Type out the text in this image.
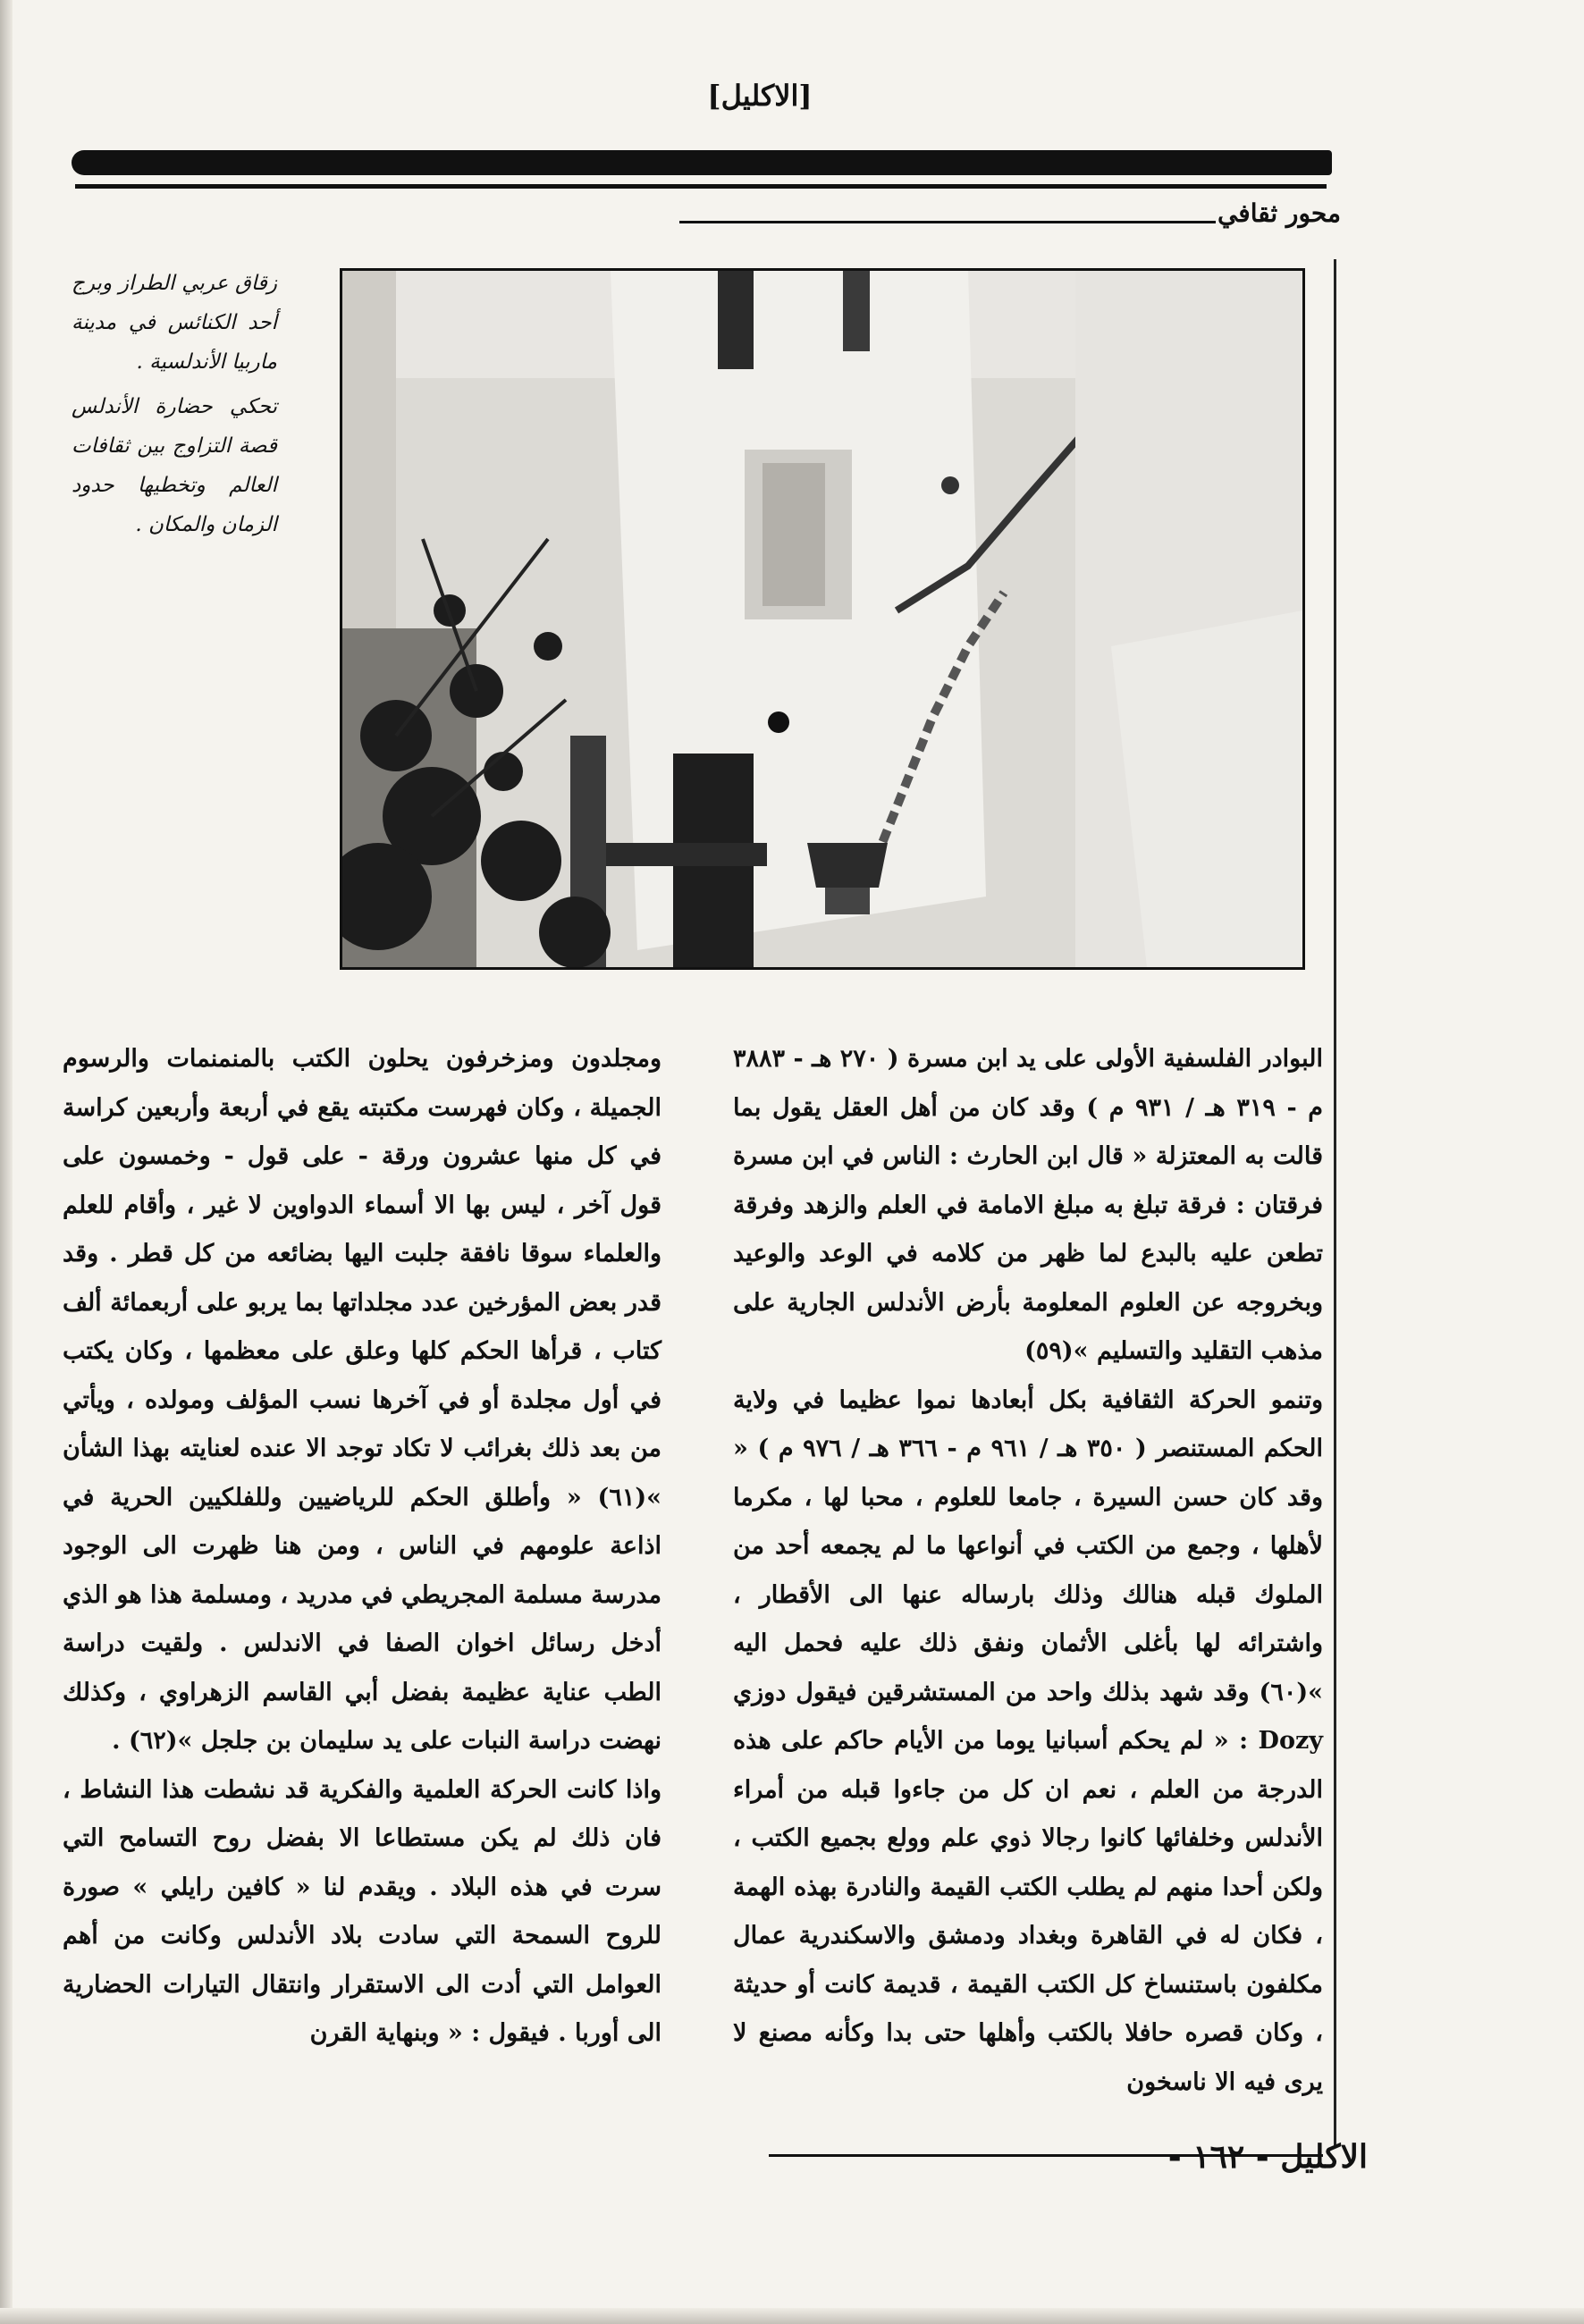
[الاكليل]
محور ثقافي

زقاق عربي الطراز وبرج أحد الكنائس في مدينة ماربيا الأندلسية .

تحكي حضارة الأندلس قصة التزاوج بين ثقافات العالم وتخطيها حدود الزمان والمكان .

البوادر الفلسفية الأولى على يد ابن مسرة ( ٢٧٠ هـ - ٣٨٨٣ م - ٣١٩ هـ / ٩٣١ م ) وقد كان من أهل العقل يقول بما قالت به المعتزلة « قال ابن الحارث : الناس في ابن مسرة فرقتان : فرقة تبلغ به مبلغ الامامة في العلم والزهد وفرقة تطعن عليه بالبدع لما ظهر من كلامه في الوعد والوعيد وبخروجه عن العلوم المعلومة بأرض الأندلس الجارية على مذهب التقليد والتسليم »(٥٩)

وتنمو الحركة الثقافية بكل أبعادها نموا عظيما في ولاية الحكم المستنصر ( ٣٥٠ هـ / ٩٦١ م - ٣٦٦ هـ / ٩٧٦ م ) « وقد كان حسن السيرة ، جامعا للعلوم ، محبا لها ، مكرما لأهلها ، وجمع من الكتب في أنواعها ما لم يجمعه أحد من الملوك قبله هنالك وذلك بارساله عنها الى الأقطار ، واشترائه لها بأغلى الأثمان ونفق ذلك عليه فحمل اليه »(٦٠) وقد شهد بذلك واحد من المستشرقين فيقول دوزي Dozy : « لم يحكم أسبانيا يوما من الأيام حاكم على هذه الدرجة من العلم ، نعم ان كل من جاءوا قبله من أمراء الأندلس وخلفائها كانوا رجالا ذوي علم وولع بجميع الكتب ، ولكن أحدا منهم لم يطلب الكتب القيمة والنادرة بهذه الهمة ، فكان له في القاهرة وبغداد ودمشق والاسكندرية عمال مكلفون باستنساخ كل الكتب القيمة ، قديمة كانت أو حديثة ، وكان قصره حافلا بالكتب وأهلها حتى بدا وكأنه مصنع لا يرى فيه الا ناسخون

ومجلدون ومزخرفون يحلون الكتب بالمنمنمات والرسوم الجميلة ، وكان فهرست مكتبته يقع في أربعة وأربعين كراسة في كل منها عشرون ورقة - على قول - وخمسون على قول آخر ، ليس بها الا أسماء الدواوين لا غير ، وأقام للعلم والعلماء سوقا نافقة جلبت اليها بضائعه من كل قطر . وقد قدر بعض المؤرخين عدد مجلداتها بما يربو على أربعمائة ألف كتاب ، قرأها الحكم كلها وعلق على معظمها ، وكان يكتب في أول مجلدة أو في آخرها نسب المؤلف ومولده ، ويأتي من بعد ذلك بغرائب لا تكاد توجد الا عنده لعنايته بهذا الشأن »(٦١) « وأطلق الحكم للرياضيين وللفلكيين الحرية في اذاعة علومهم في الناس ، ومن هنا ظهرت الى الوجود مدرسة مسلمة المجريطي في مدريد ، ومسلمة هذا هو الذي أدخل رسائل اخوان الصفا في الاندلس . ولقيت دراسة الطب عناية عظيمة بفضل أبي القاسم الزهراوي ، وكذلك نهضت دراسة النبات على يد سليمان بن جلجل »(٦٢) .

واذا كانت الحركة العلمية والفكرية قد نشطت هذا النشاط ، فان ذلك لم يكن مستطاعا الا بفضل روح التسامح التي سرت في هذه البلاد . ويقدم لنا « كافين رايلي » صورة للروح السمحة التي سادت بلاد الأندلس وكانت من أهم العوامل التي أدت الى الاستقرار وانتقال التيارات الحضارية الى أوربا . فيقول : « وبنهاية القرن

الاكليل - ١٦٢ -
